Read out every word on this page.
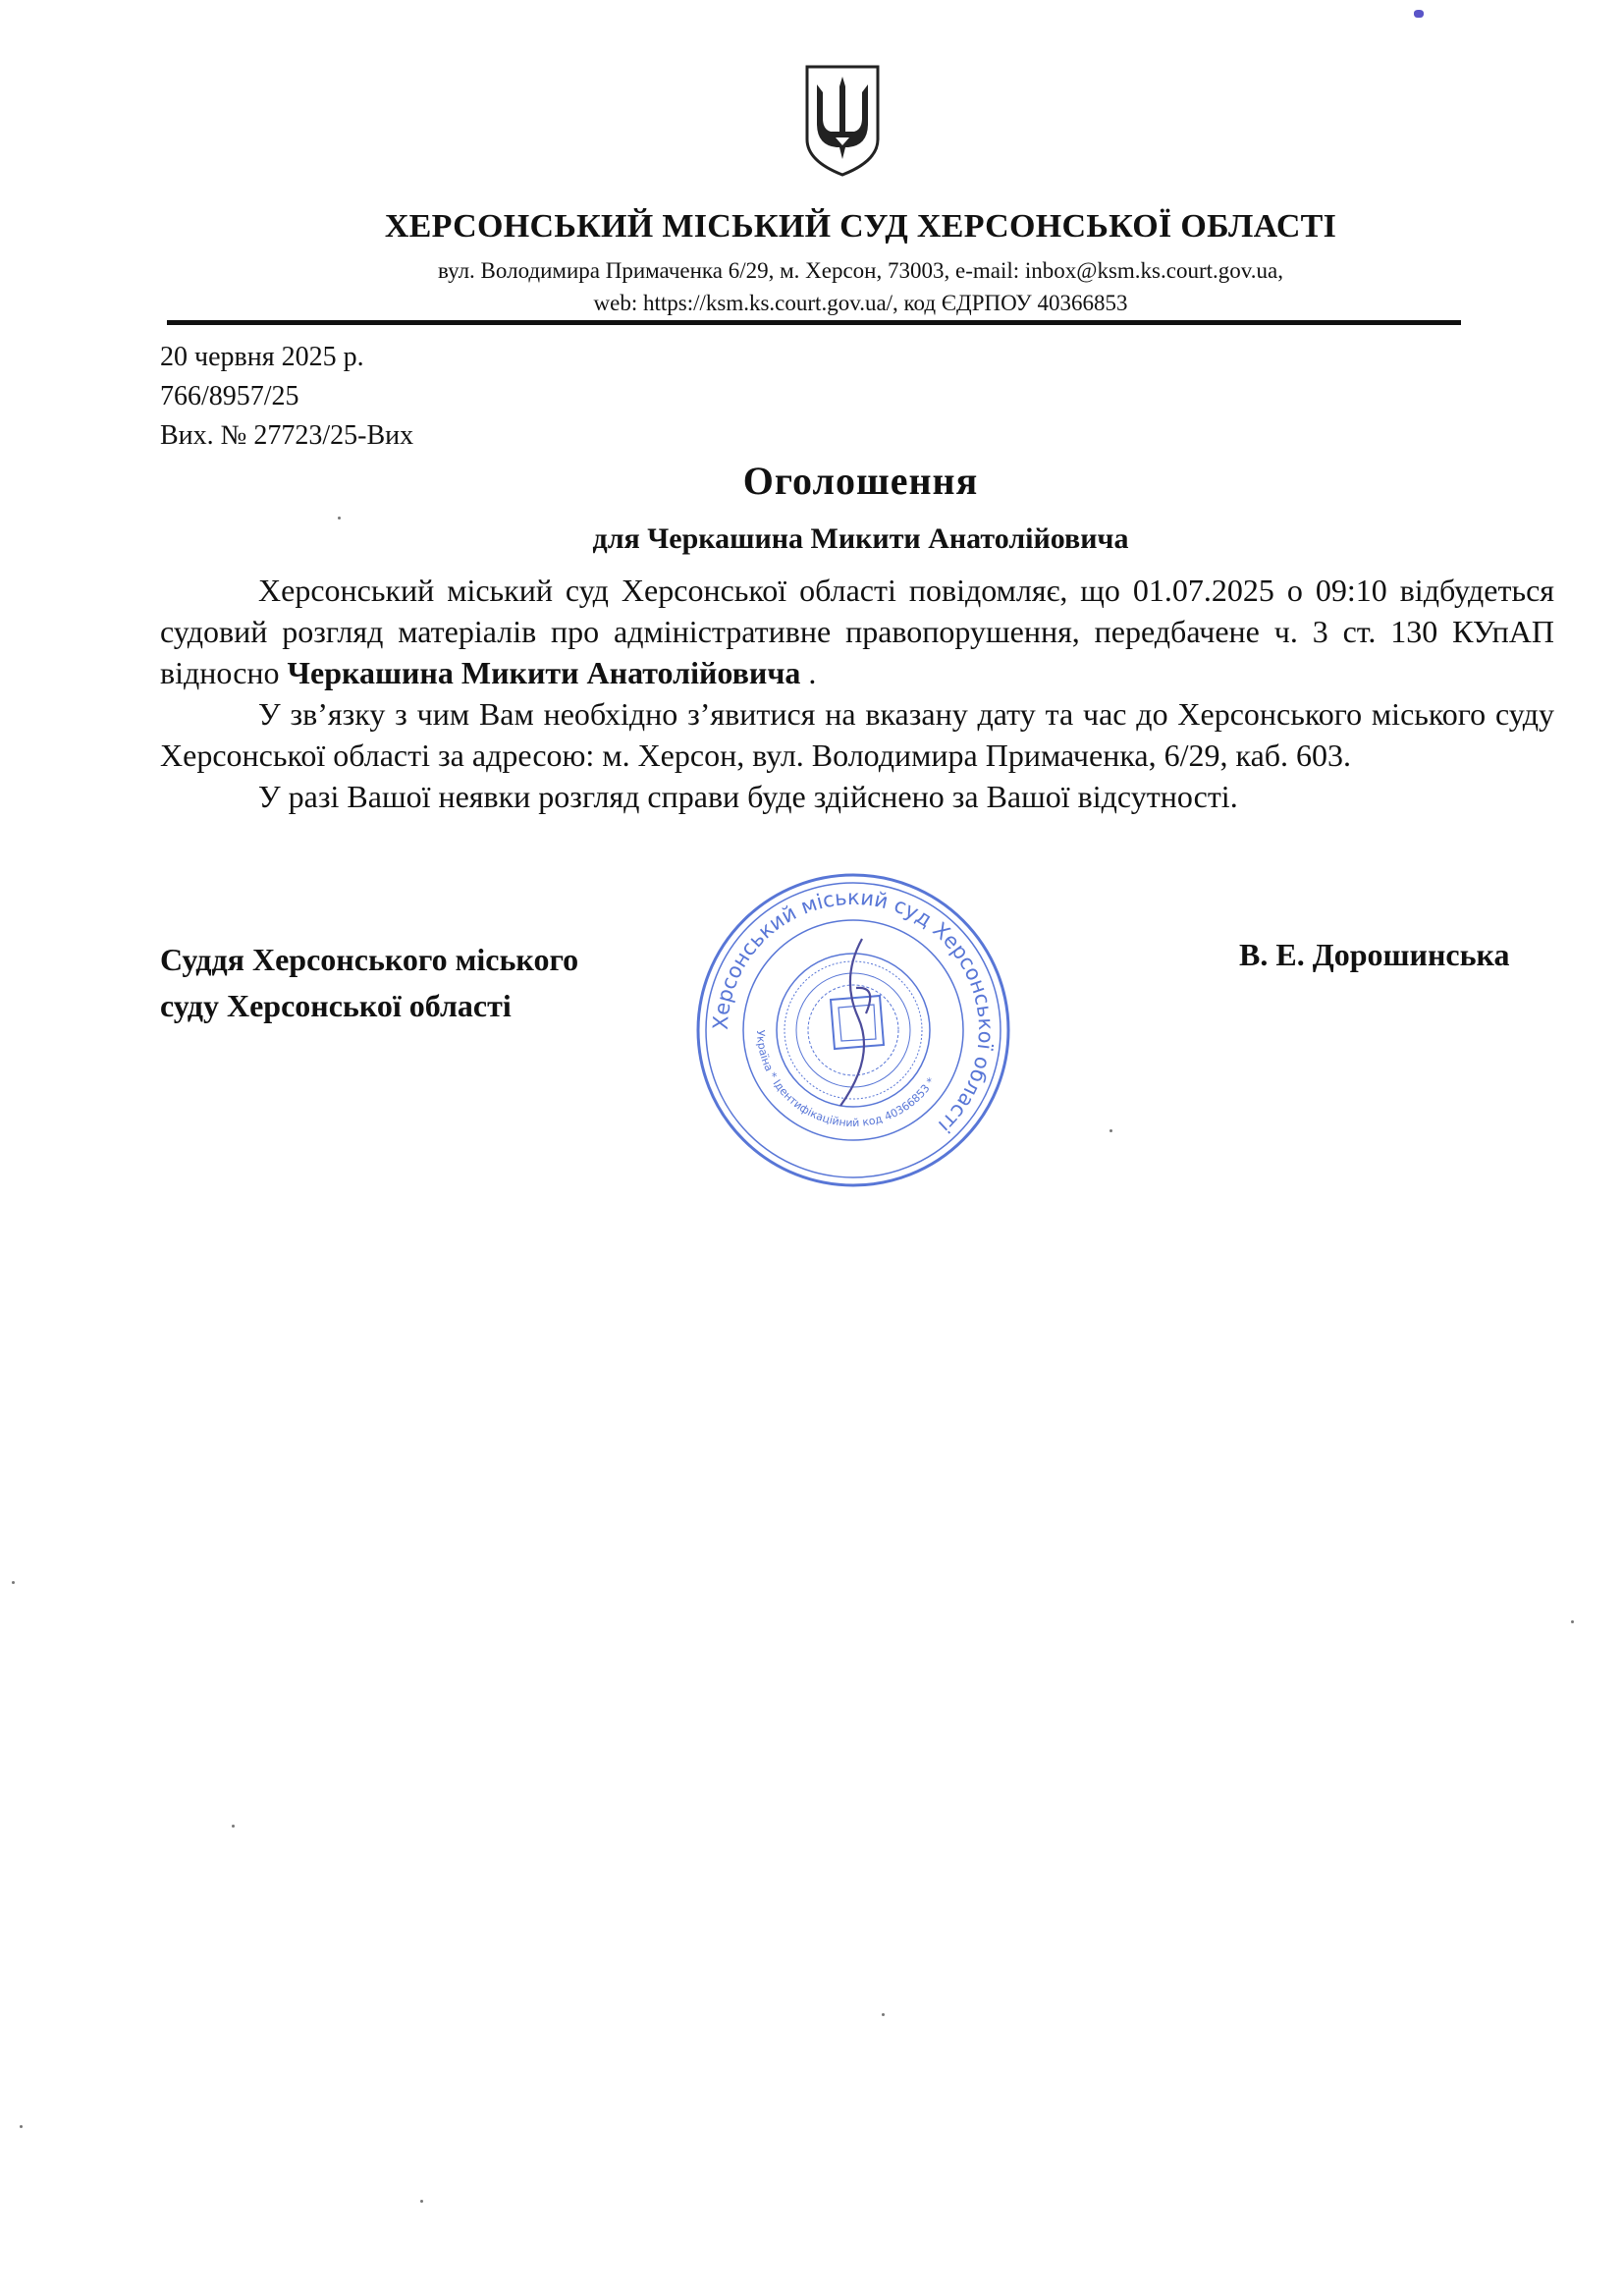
ХЕРСОНСЬКИЙ МІСЬКИЙ СУД ХЕРСОНСЬКОЇ ОБЛАСТІ
вул. Володимира Примаченка 6/29, м. Херсон, 73003, e-mail: inbox@ksm.ks.court.gov.ua,
web: https://ksm.ks.court.gov.ua/, код ЄДРПОУ 40366853
20 червня 2025 р.
766/8957/25
Вих. № 27723/25-Вих
Оголошення
для Черкашина Микити Анатолійовича

Херсонський міський суд Херсонської області повідомляє, що 01.07.2025 о 09:10 відбудеться судовий розгляд матеріалів про адміністративне правопорушення, передбачене ч. 3 ст. 130 КУпАП відносно Черкашина Микити Анатолійовича .

У зв’язку з чим Вам необхідно з’явитися на вказану дату та час до Херсонського міського суду Херсонської області за адресою: м. Херсон, вул. Володимира Примаченка, 6/29, каб. 603.

У разі Вашої неявки розгляд справи буде здійснено за Вашої відсутності.

Суддя Херсонського міського
суду Херсонської області
В. Е. Дорошинська
Херсонський міський суд Херсонської області
Україна * Ідентифікаційний код 40366853 *
